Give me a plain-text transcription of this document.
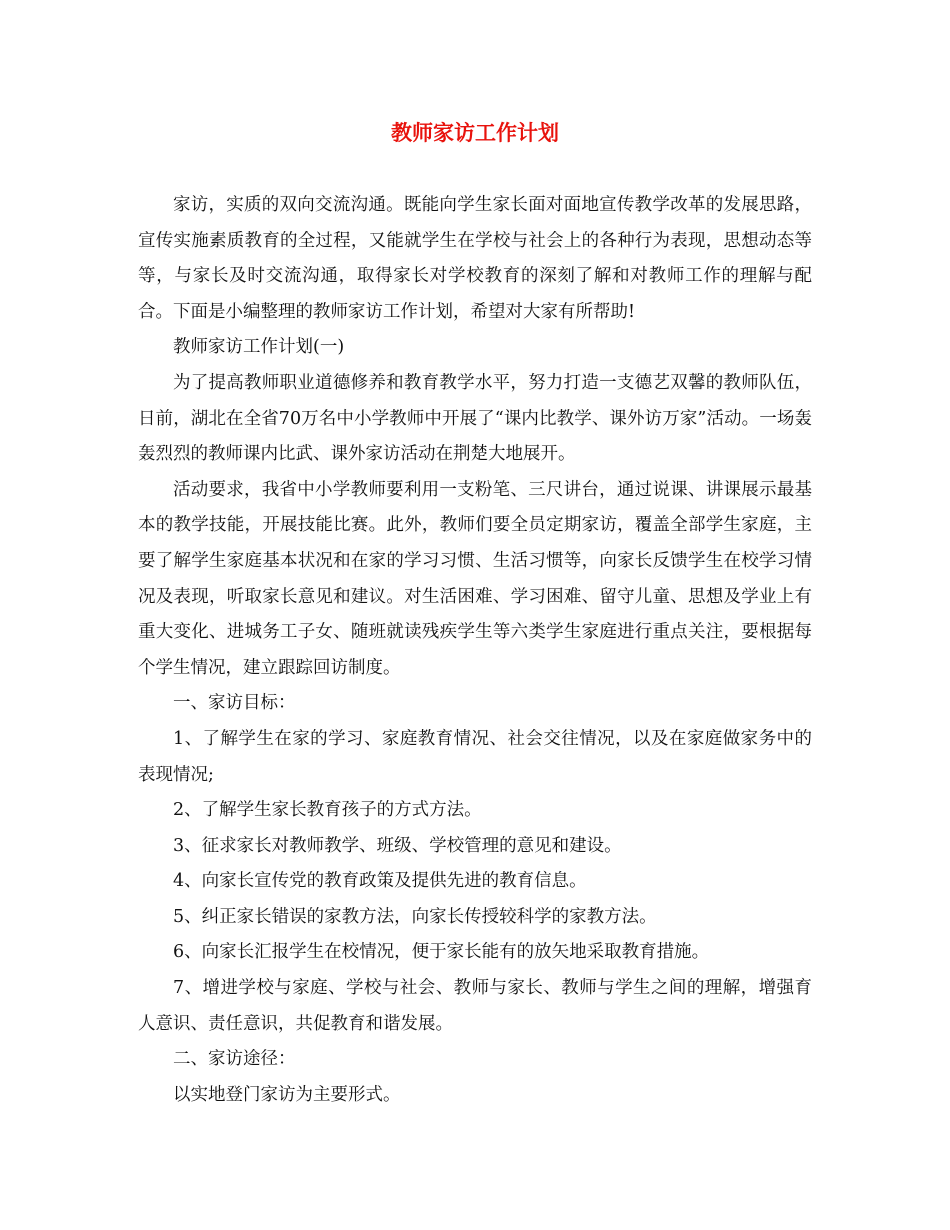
教师家访工作计划

家访，实质的双向交流沟通。既能向学生家长面对面地宣传教学改革的发展思路，宣传实施素质教育的全过程，又能就学生在学校与社会上的各种行为表现，思想动态等等，与家长及时交流沟通，取得家长对学校教育的深刻了解和对教师工作的理解与配合。下面是小编整理的教师家访工作计划，希望对大家有所帮助!

教师家访工作计划(一)

为了提高教师职业道德修养和教育教学水平，努力打造一支德艺双馨的教师队伍，日前，湖北在全省70万名中小学教师中开展了“课内比教学、课外访万家”活动。一场轰轰烈烈的教师课内比武、课外家访活动在荆楚大地展开。

活动要求，我省中小学教师要利用一支粉笔、三尺讲台，通过说课、讲课展示最基本的教学技能，开展技能比赛。此外，教师们要全员定期家访，覆盖全部学生家庭，主要了解学生家庭基本状况和在家的学习习惯、生活习惯等，向家长反馈学生在校学习情况及表现，听取家长意见和建议。对生活困难、学习困难、留守儿童、思想及学业上有重大变化、进城务工子女、随班就读残疾学生等六类学生家庭进行重点关注，要根据每个学生情况，建立跟踪回访制度。

一、家访目标：

1、了解学生在家的学习、家庭教育情况、社会交往情况，以及在家庭做家务中的表现情况;

2、了解学生家长教育孩子的方式方法。

3、征求家长对教师教学、班级、学校管理的意见和建设。

4、向家长宣传党的教育政策及提供先进的教育信息。

5、纠正家长错误的家教方法，向家长传授较科学的家教方法。

6、向家长汇报学生在校情况，便于家长能有的放矢地采取教育措施。

7、增进学校与家庭、学校与社会、教师与家长、教师与学生之间的理解，增强育人意识、责任意识，共促教育和谐发展。

二、家访途径：

以实地登门家访为主要形式。
